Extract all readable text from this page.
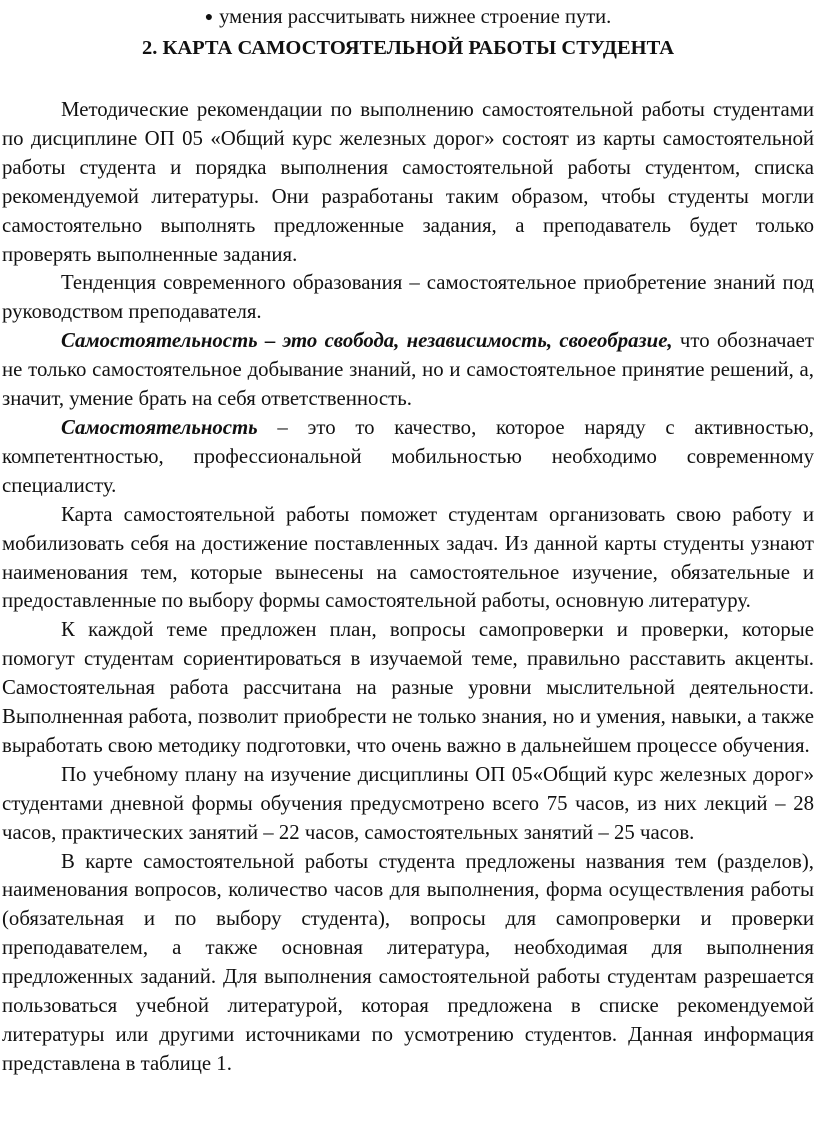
● умения рассчитывать нижнее строение пути.

2. КАРТА САМОСТОЯТЕЛЬНОЙ РАБОТЫ СТУДЕНТА

Методические рекомендации по выполнению самостоятельной работы студентами по дисциплине ОП 05 «Общий курс железных дорог» состоят из карты самостоятельной работы студента и порядка выполнения самостоятельной работы студентом, списка рекомендуемой литературы. Они разработаны таким образом, чтобы студенты могли самостоятельно выполнять предложенные задания, а преподаватель будет только проверять выполненные задания.

Тенденция современного образования – самостоятельное приобретение знаний под руководством преподавателя.

Самостоятельность – это свобода, независимость, своеобразие, что обозначает не только самостоятельное добывание знаний, но и самостоятельное принятие решений, а, значит, умение брать на себя ответственность.

Самостоятельность – это то качество, которое наряду с активностью, компетентностью, профессиональной мобильностью необходимо современному специалисту.

Карта самостоятельной работы поможет студентам организовать свою работу и мобилизовать себя на достижение поставленных задач. Из данной карты студенты узнают наименования тем, которые вынесены на самостоятельное изучение, обязательные и предоставленные по выбору формы самостоятельной работы, основную литературу.

К каждой теме предложен план, вопросы самопроверки и проверки, которые помогут студентам сориентироваться в изучаемой теме, правильно расставить акценты. Самостоятельная работа рассчитана на разные уровни мыслительной деятельности. Выполненная работа, позволит приобрести не только знания, но и умения, навыки, а также выработать свою методику подготовки, что очень важно в дальнейшем процессе обучения.

По учебному плану на изучение дисциплины ОП 05«Общий курс железных дорог» студентами дневной формы обучения предусмотрено всего 75 часов, из них лекций – 28 часов, практических занятий – 22 часов, самостоятельных занятий – 25 часов.

В карте самостоятельной работы студента предложены названия тем (разделов), наименования вопросов, количество часов для выполнения, форма осуществления работы (обязательная и по выбору студента), вопросы для самопроверки и проверки преподавателем, а также основная литература, необходимая для выполнения предложенных заданий. Для выполнения самостоятельной работы студентам разрешается пользоваться учебной литературой, которая предложена в списке рекомендуемой литературы или другими источниками по усмотрению студентов. Данная информация представлена в таблице 1.
